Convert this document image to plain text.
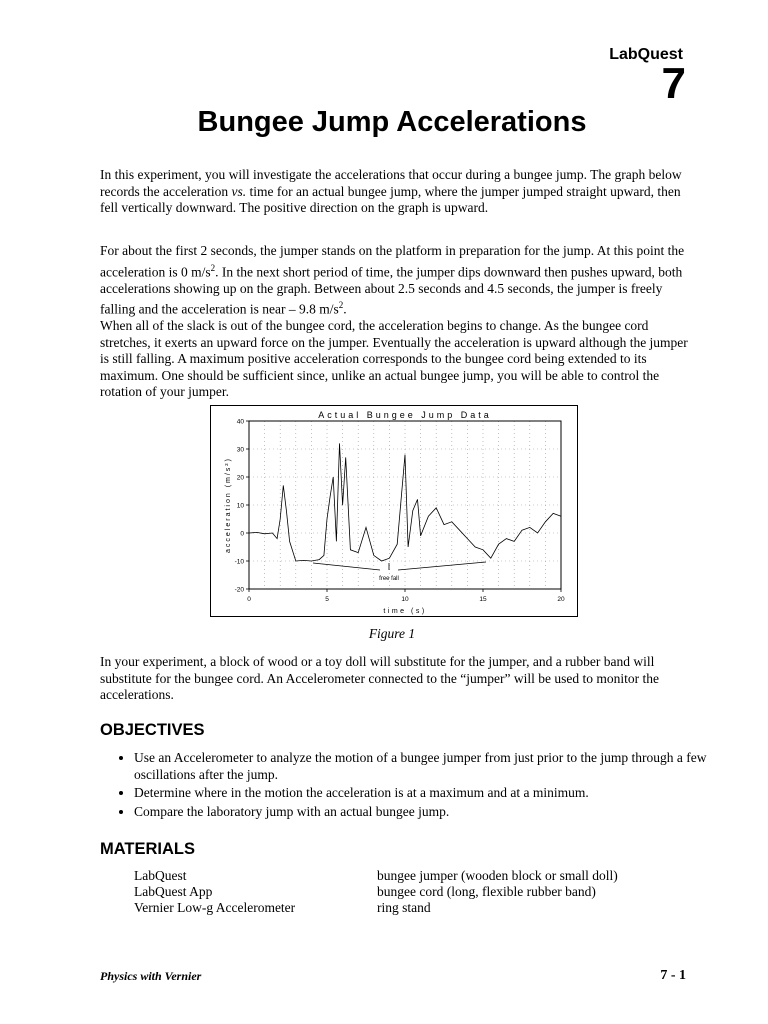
LabQuest
7
Bungee Jump Accelerations

In this experiment, you will investigate the accelerations that occur during a bungee jump. The graph below records the acceleration vs. time for an actual bungee jump, where the jumper jumped straight upward, then fell vertically downward. The positive direction on the graph is upward.

For about the first 2 seconds, the jumper stands on the platform in preparation for the jump. At this point the acceleration is 0 $m/s^2$. In the next short period of time, the jumper dips downward then pushes upward, both accelerations showing up on the graph. Between about 2.5 seconds and 4.5 seconds, the jumper is freely falling and the acceleration is near – 9.8 $m/s^2$.

When all of the slack is out of the bungee cord, the acceleration begins to change. As the bungee cord stretches, it exerts an upward force on the jumper. Eventually the acceleration is upward although the jumper is still falling. A maximum positive acceleration corresponds to the bungee cord being extended to its maximum. One should be sufficient since, unlike an actual bungee jump, you will be able to control the rotation of your jumper.

Actual Bungee Jump Data
40
30
20
10
0
-10
-20
0	5	10	15	20
time (s)
acceleration (m/s²)
free fall
Figure 1

In your experiment, a block of wood or a toy doll will substitute for the jumper, and a rubber band will substitute for the bungee cord. An Accelerometer connected to the “jumper” will be used to monitor the accelerations.

OBJECTIVES
• Use an Accelerometer to analyze the motion of a bungee jumper from just prior to the jump through a few oscillations after the jump.
• Determine where in the motion the acceleration is at a maximum and at a minimum.
• Compare the laboratory jump with an actual bungee jump.
MATERIALS
LabQuest	bungee jumper (wooden block or small doll)
LabQuest App	bungee cord (long, flexible rubber band)
Vernier Low-g Accelerometer	ring stand
Physics with Vernier	7 - 1
